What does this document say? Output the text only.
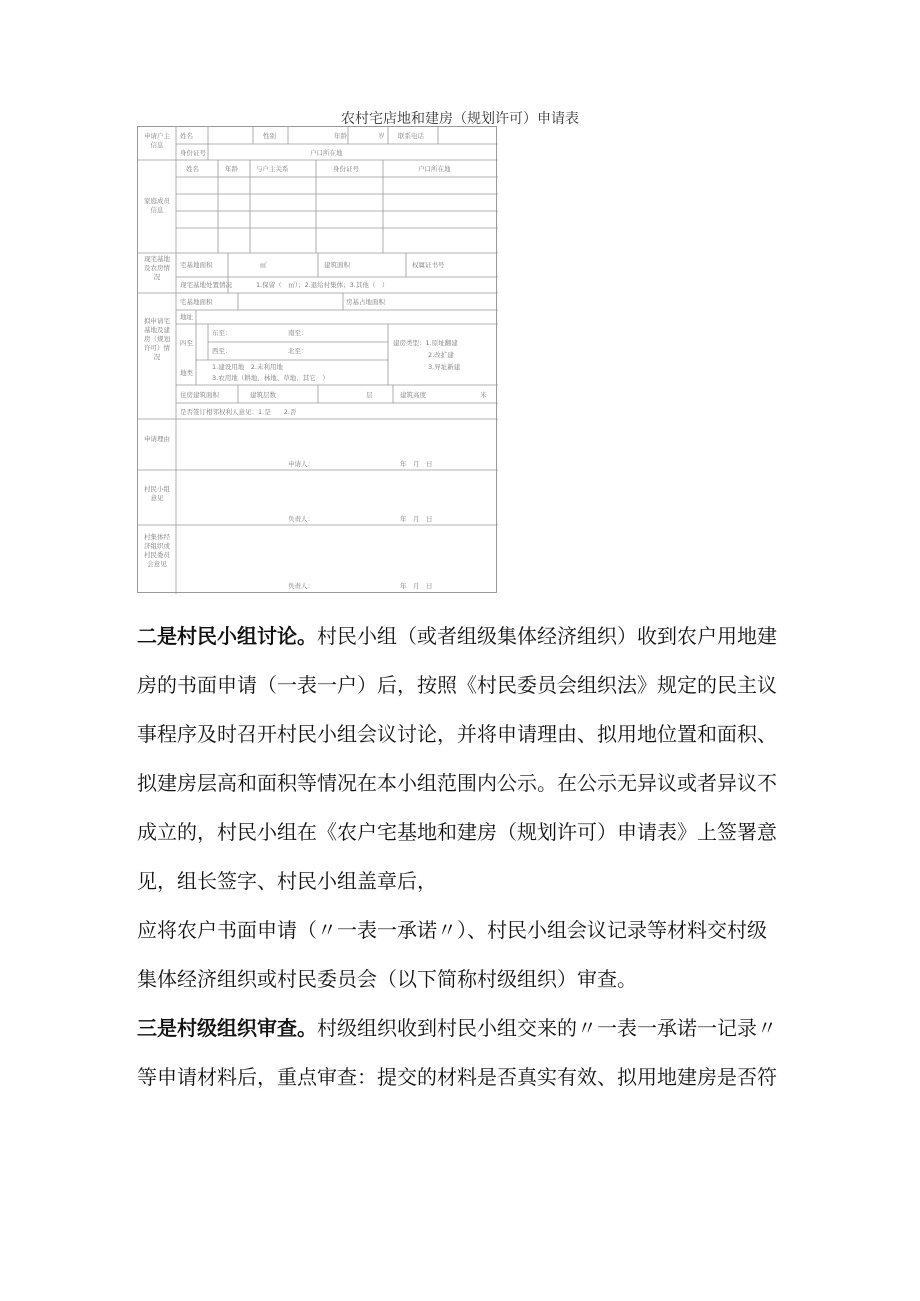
农村宅店地和建房（规划许可）申请表
申请户主信息
姓名	性别	年龄	岁 联系电话
身份证号	户口所在地
家庭成员信息
姓名	年龄	与户主关系	身份证号	户口所在地
现宅基地及农房情况
宅基地面积	㎡	建筑面积	权属证书号
现宅基地处置情况	1.保留（　㎡）；2.退给村集体；3.其他（　）
拟申请宅基地及建房（规划许可）情况
宅基地面积	房基占地面积
地址
四至
东至：	南至：
西至：	北至：
建房类型：1.原址翻建
2.改扩建
3.异址新建
地类
1.建设用地　2.未利用地
3.农用地（耕地、林地、草地、其它　）
住房建筑面积	建筑层数	层	建筑高度	米
是否签订相邻权利人意见：1.是　　2.否
申请理由
申请人：	年　月　日
村民小组意见
负责人：	年　月　日
村集体经济组织或村民委员会意见
负责人：	年　月　日

二是村民小组讨论。村民小组（或者组级集体经济组织）收到农户用地建

房的书面申请（一表一户）后，按照《村民委员会组织法》规定的民主议

事程序及时召开村民小组会议讨论，并将申请理由、拟用地位置和面积、

拟建房层高和面积等情况在本小组范围内公示。在公示无异议或者异议不

成立的，村民小组在《农户宅基地和建房（规划许可）申请表》上签署意

见，组长签字、村民小组盖章后，

应将农户书面申请（〃一表一承诺〃）、村民小组会议记录等材料交村级

集体经济组织或村民委员会（以下简称村级组织）审查。

三是村级组织审查。村级组织收到村民小组交来的〃一表一承诺一记录〃

等申请材料后，重点审查：提交的材料是否真实有效、拟用地建房是否符
